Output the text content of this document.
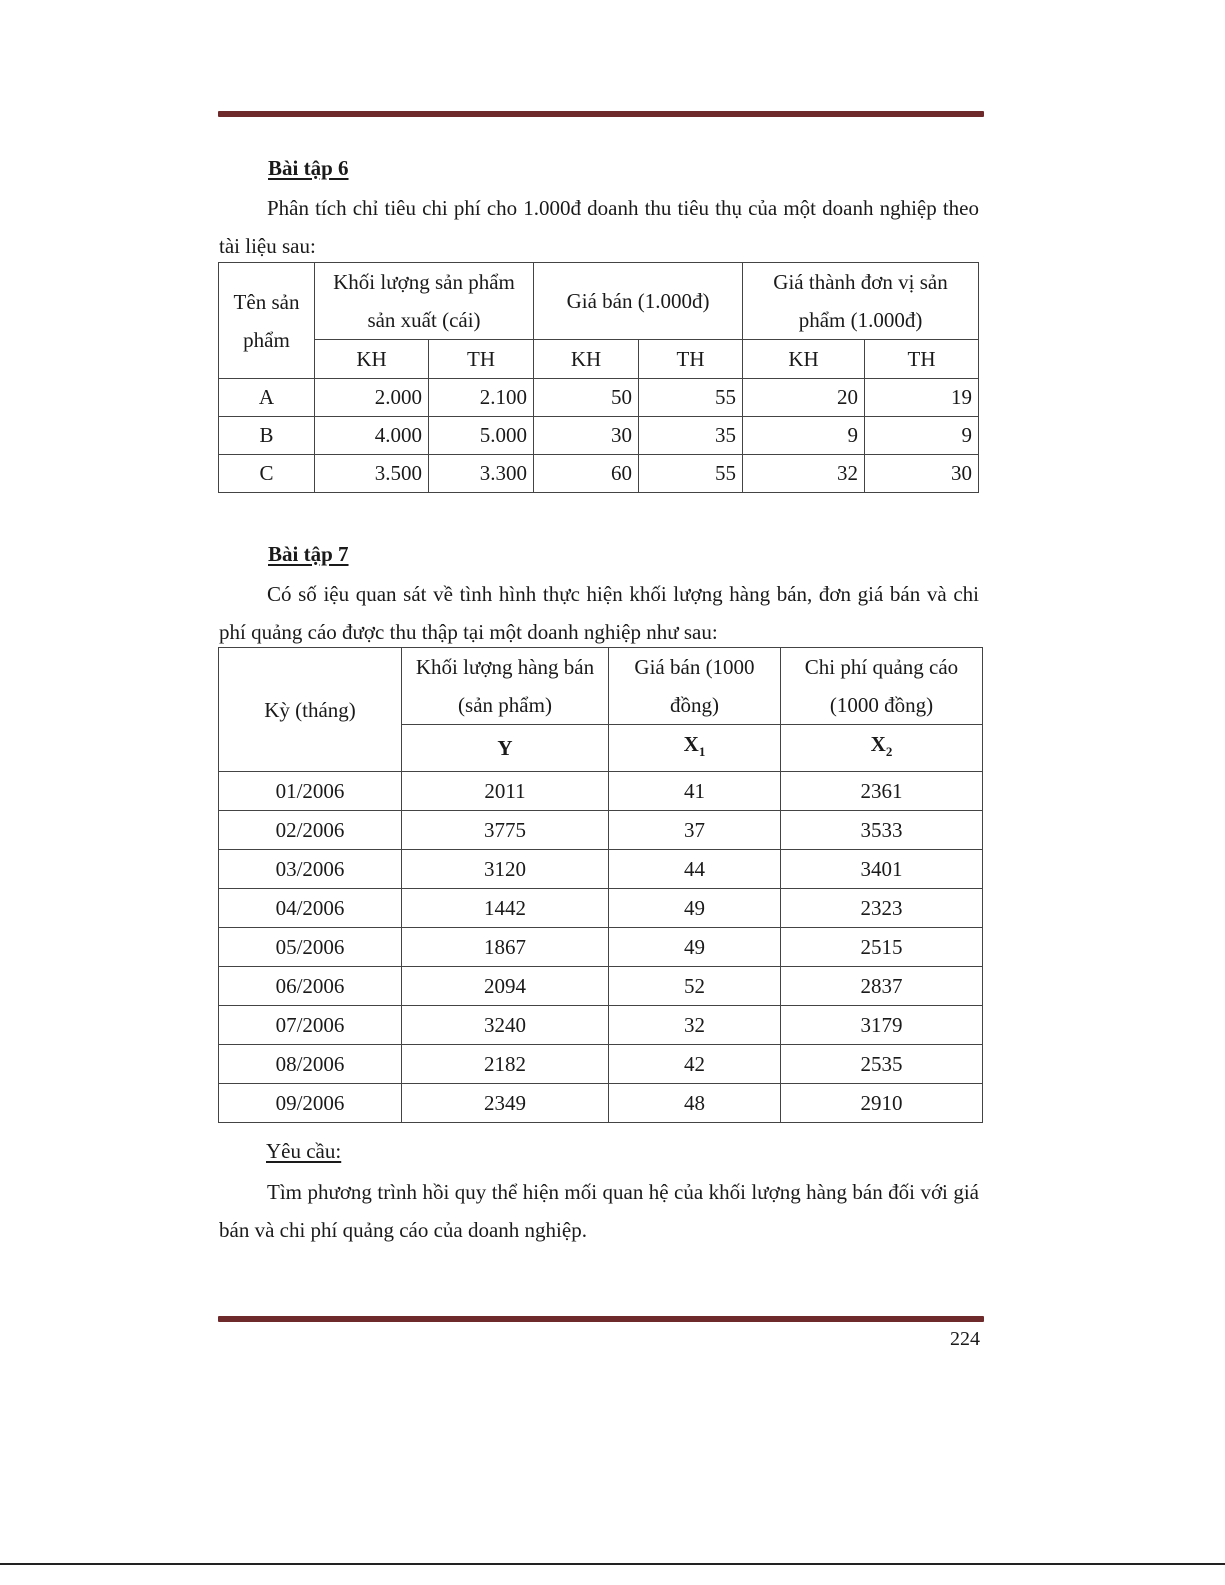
Bài tập 6
Phân tích chỉ tiêu chi phí cho 1.000đ doanh thu tiêu thụ của một doanh nghiệp theo tài liệu sau:
Tên sản phẩm	Khối lượng sản phẩm sản xuất (cái)		Giá bán (1.000đ)		Giá thành đơn vị sản phẩm (1.000đ)	
	KH	TH	KH	TH	KH	TH
A	2.000	2.100	50	55	20	19
B	4.000	5.000	30	35	9	9
C	3.500	3.300	60	55	32	30
Bài tập 7
Có số iệu quan sát về tình hình thực hiện khối lượng hàng bán, đơn giá bán và chi phí quảng cáo được thu thập tại một doanh nghiệp như sau:
Kỳ (tháng)	Khối lượng hàng bán (sản phẩm)	Giá bán (1000 đồng)	Chi phí quảng cáo (1000 đồng)
	Y	$X_1$	$X_2$
01/2006	2011	41	2361
02/2006	3775	37	3533
03/2006	3120	44	3401
04/2006	1442	49	2323
05/2006	1867	49	2515
06/2006	2094	52	2837
07/2006	3240	32	3179
08/2006	2182	42	2535
09/2006	2349	48	2910
Yêu cầu:
Tìm phương trình hồi quy thể hiện mối quan hệ của khối lượng hàng bán đối với giá bán và chi phí quảng cáo của doanh nghiệp.
224
